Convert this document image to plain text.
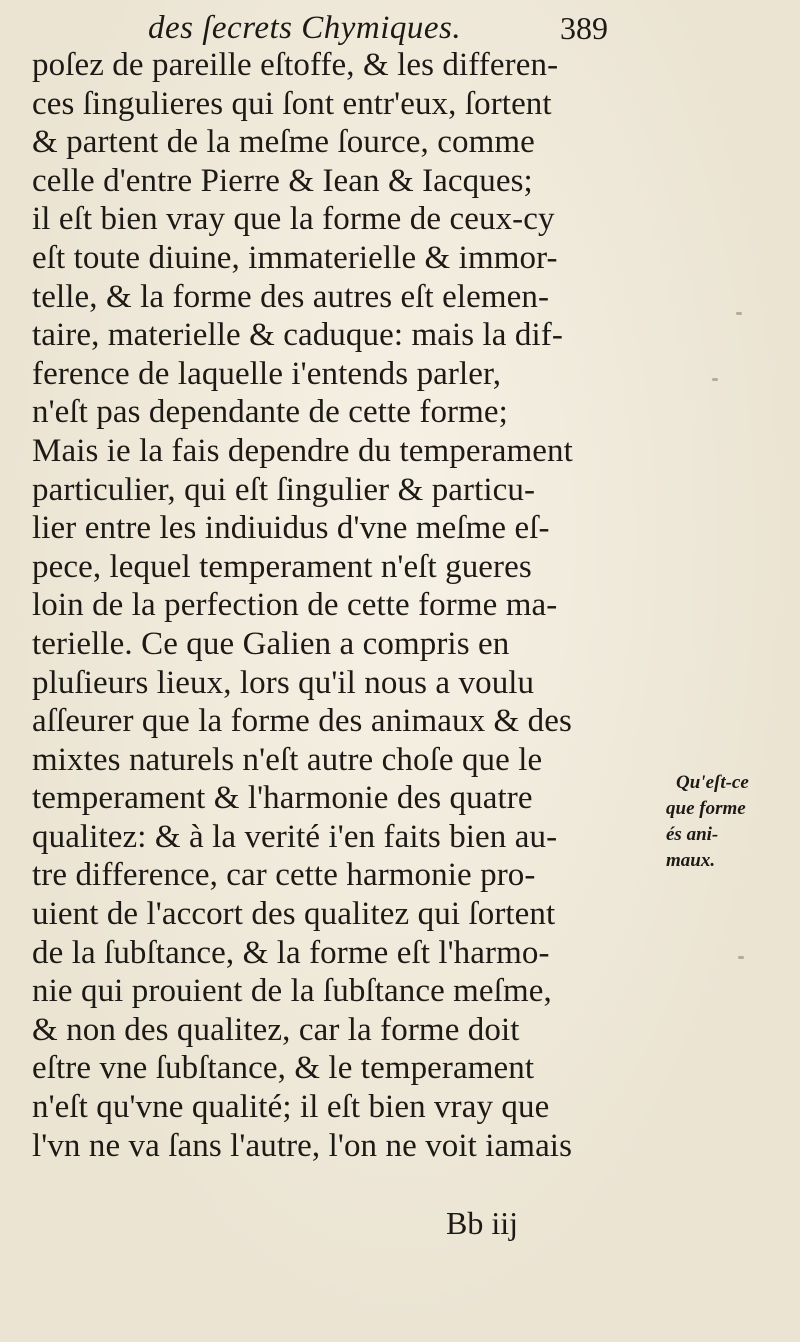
des ſecrets Chymiques.	389
poſez de pareille eſtoffe, & les differen-
ces ſingulieres qui ſont entr'eux, ſortent
& partent de la meſme ſource, comme
celle d'entre Pierre & Iean & Iacques;
il eſt bien vray que la forme de ceux-cy
eſt toute diuine, immaterielle & immor-
telle, & la forme des autres eſt elemen-
taire, materielle & caduque: mais la dif-
ference de laquelle i'entends parler,
n'eſt pas dependante de cette forme;
Mais ie la fais dependre du temperament
particulier, qui eſt ſingulier & particu-
lier entre les indiuidus d'vne meſme eſ-
pece, lequel temperament n'eſt gueres
loin de la perfection de cette forme ma-
terielle. Ce que Galien a compris en
pluſieurs lieux, lors qu'il nous a voulu
aſſeurer que la forme des animaux & des
mixtes naturels n'eſt autre choſe que le
temperament & l'harmonie des quatre
qualitez: & à la verité i'en faits bien au-
tre difference, car cette harmonie pro-
uient de l'accort des qualitez qui ſortent
de la ſubſtance, & la forme eſt l'harmo-
nie qui prouient de la ſubſtance meſme,
& non des qualitez, car la forme doit
eſtre vne ſubſtance, & le temperament
n'eſt qu'vne qualité; il eſt bien vray que
l'vn ne va ſans l'autre, l'on ne voit iamais
Bb iij
Qu'eſt-ce
que forme
és ani-
maux.
